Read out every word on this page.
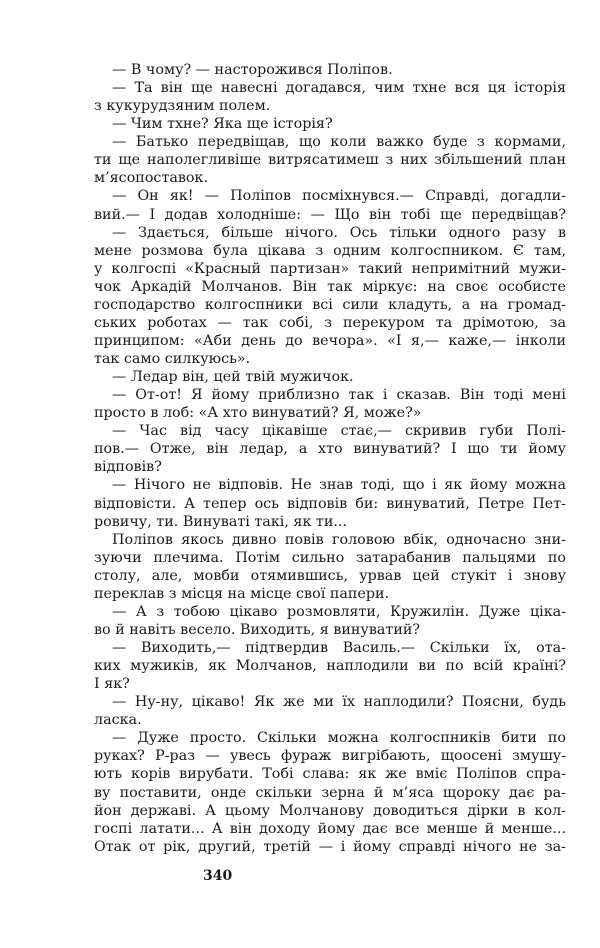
— В чому? — насторожився Поліпов.
— Та він ще навесні догадався, чим тхне вся ця історія
з кукурудзяним полем.
— Чим тхне? Яка ще історія?
— Батько передвіщав, що коли важко буде з кормами,
ти ще наполегливіше витрясатимеш з них збільшений план
м’ясопоставок.
— Он як! — Поліпов посміхнувся.— Справді, догадли-
вий.— І додав холодніше: — Що він тобі ще передвіщав?
— Здається, більше нічого. Ось тільки одного разу в
мене розмова була цікава з одним колгоспником. Є там,
у колгоспі «Красный партизан» такий непримітний мужи-
чок Аркадій Молчанов. Він так міркує: на своє особисте
господарство колгоспники всі сили кладуть, а на громад-
ських роботах — так собі, з перекуром та дрімотою, за
принципом: «Аби день до вечора». «І я,— каже,— інколи
так само силкуюсь».
— Ледар він, цей твій мужичок.
— От-от! Я йому приблизно так і сказав. Він тоді мені
просто в лоб: «А хто винуватий? Я, може?»
— Час від часу цікавіше стає,— скривив губи Полі-
пов.— Отже, він ледар, а хто винуватий? І що ти йому
відповів?
— Нічого не відповів. Не знав тоді, що і як йому можна
відповісти. А тепер ось відповів би: винуватий, Петре Пет-
ровичу, ти. Винуваті такі, як ти...
Поліпов якось дивно повів головою вбік, одночасно зни-
зуючи плечима. Потім сильно затарабанив пальцями по
столу, але, мовби отямившись, урвав цей стукіт і знову
переклав з місця на місце свої папери.
— А з тобою цікаво розмовляти, Кружилін. Дуже ціка-
во й навіть весело. Виходить, я винуватий?
— Виходить,— підтвердив Василь.— Скільки їх, ота-
ких мужиків, як Молчанов, наплодили ви по всій країні?
І як?
— Ну-ну, цікаво! Як же ми їх наплодили? Поясни, будь
ласка.
— Дуже просто. Скільки можна колгоспників бити по
руках? Р-раз — увесь фураж вигрібають, щоосені змушу-
ють корів вирубати. Тобі слава: як же вміє Поліпов спра-
ву поставити, онде скільки зерна й м’яса щороку дає ра-
йон державі. А цьому Молчанову доводиться дірки в кол-
госпі латати... А він доходу йому дає все менше й менше...
Отак от рік, другий, третій — і йому справді нічого не за-
340
